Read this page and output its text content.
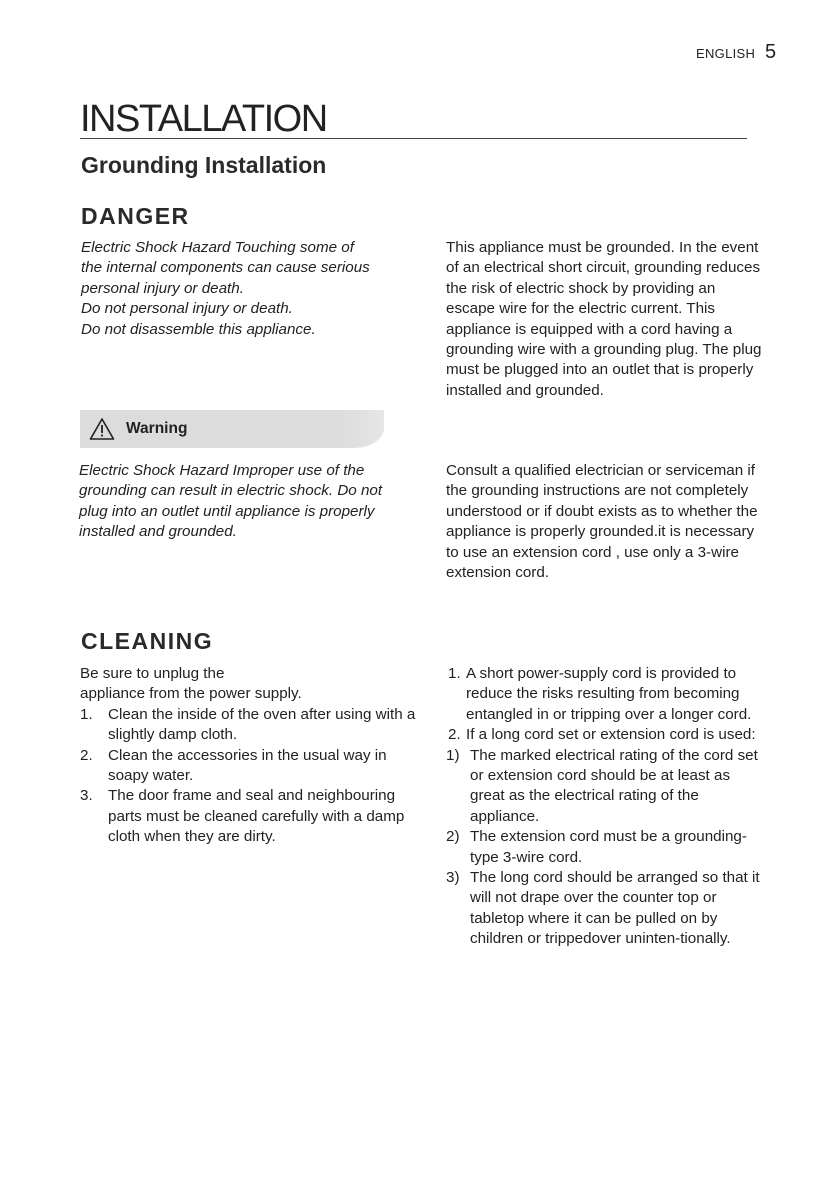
ENGLISH 5
INSTALLATION
Grounding Installation
DANGER

Electric Shock Hazard Touching some of

the internal components can cause serious

personal injury or death.

Do not personal injury or death.

Do not disassemble this appliance.

This appliance must be grounded. In the event of an electrical short circuit, grounding reduces the risk of electric shock by providing an escape wire for the electric current. This appliance is equipped with a cord having a grounding wire with a grounding plug. The plug must be plugged into an outlet that is properly installed and grounded.
Warning
Electric Shock Hazard Improper use of the grounding can result in electric shock. Do not plug into an outlet until appliance is properly installed and grounded.
Consult a qualified electrician or serviceman if the grounding instructions are not completely understood or if doubt exists as to whether the appliance is properly grounded.it is necessary to use an extension cord , use only a 3-wire extension cord.
CLEANING

Be sure to unplug the

appliance from the power supply.

1. Clean the inside of the oven after using with a slightly damp cloth.
2. Clean the accessories in the usual way in soapy water.
3. The door frame and seal and neighbouring parts must be cleaned carefully with a damp cloth when they are dirty.
1. A short power-supply cord is provided to reduce the risks resulting from becoming entangled in or tripping over a longer cord.
2. If a long cord set or extension cord is used:
1) The marked electrical rating of the cord set or extension cord should be at least as great as the electrical rating of the appliance.
2) The extension cord must be a grounding-type 3-wire cord.
3) The long cord should be arranged so that it will not drape over the counter top or tabletop where it can be pulled on by children or trippedover uninten-tionally.
